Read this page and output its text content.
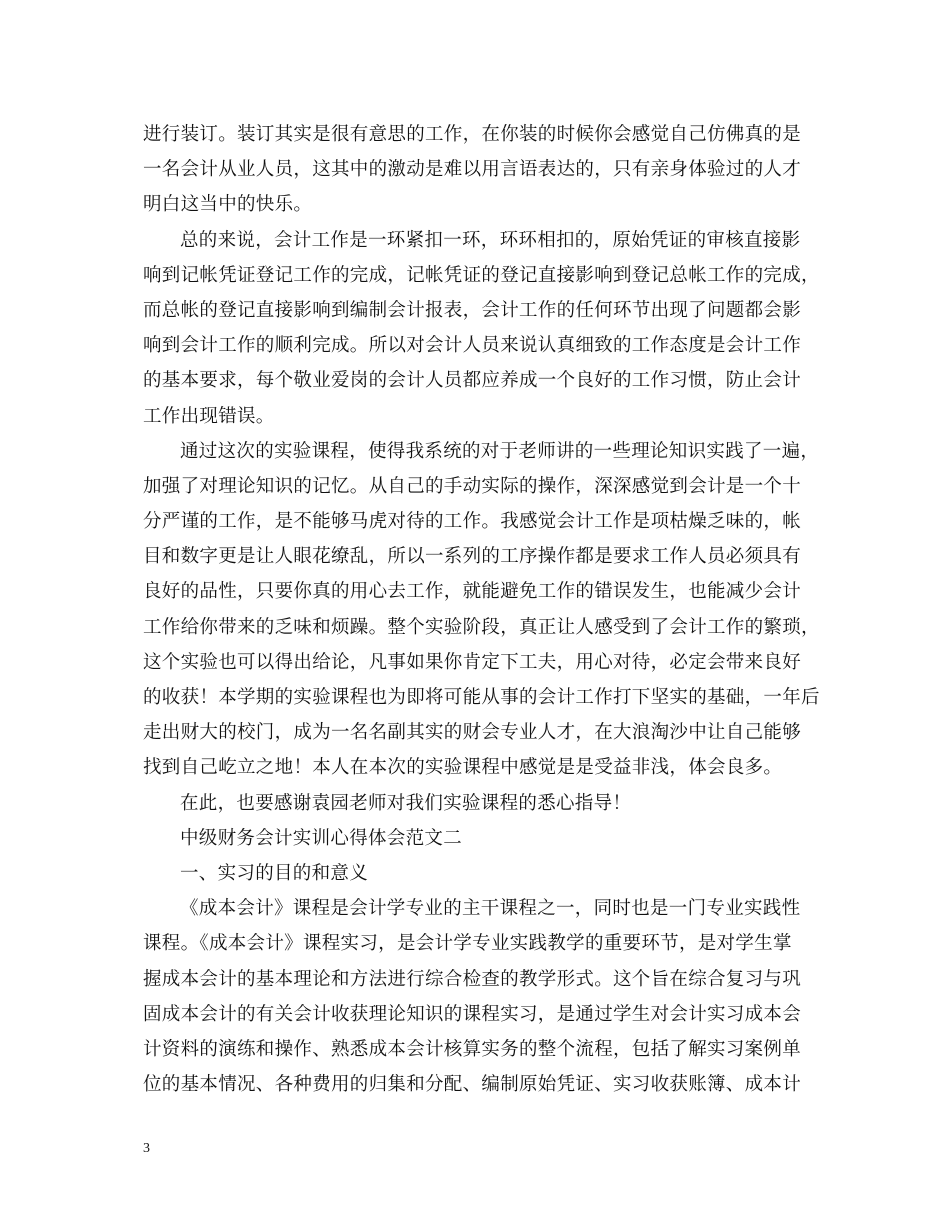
进行装订。装订其实是很有意思的工作，在你装的时候你会感觉自己仿佛真的是
一名会计从业人员，这其中的激动是难以用言语表达的，只有亲身体验过的人才
明白这当中的快乐。
总的来说，会计工作是一环紧扣一环，环环相扣的，原始凭证的审核直接影
响到记帐凭证登记工作的完成，记帐凭证的登记直接影响到登记总帐工作的完成，
而总帐的登记直接影响到编制会计报表，会计工作的任何环节出现了问题都会影
响到会计工作的顺利完成。所以对会计人员来说认真细致的工作态度是会计工作
的基本要求，每个敬业爱岗的会计人员都应养成一个良好的工作习惯，防止会计
工作出现错误。
通过这次的实验课程，使得我系统的对于老师讲的一些理论知识实践了一遍，
加强了对理论知识的记忆。从自己的手动实际的操作，深深感觉到会计是一个十
分严谨的工作，是不能够马虎对待的工作。我感觉会计工作是项枯燥乏味的，帐
目和数字更是让人眼花缭乱，所以一系列的工序操作都是要求工作人员必须具有
良好的品性，只要你真的用心去工作，就能避免工作的错误发生，也能减少会计
工作给你带来的乏味和烦躁。整个实验阶段，真正让人感受到了会计工作的繁琐，
这个实验也可以得出给论，凡事如果你肯定下工夫，用心对待，必定会带来良好
的收获！本学期的实验课程也为即将可能从事的会计工作打下坚实的基础，一年后
走出财大的校门，成为一名名副其实的财会专业人才，在大浪淘沙中让自己能够
找到自己屹立之地！本人在本次的实验课程中感觉是是受益非浅，体会良多。
在此，也要感谢袁园老师对我们实验课程的悉心指导！
中级财务会计实训心得体会范文二
一、实习的目的和意义
《成本会计》课程是会计学专业的主干课程之一，同时也是一门专业实践性
课程。《成本会计》课程实习，是会计学专业实践教学的重要环节，是对学生掌
握成本会计的基本理论和方法进行综合检查的教学形式。这个旨在综合复习与巩
固成本会计的有关会计收获理论知识的课程实习，是通过学生对会计实习成本会
计资料的演练和操作、熟悉成本会计核算实务的整个流程，包括了解实习案例单
位的基本情况、各种费用的归集和分配、编制原始凭证、实习收获账簿、成本计
3
